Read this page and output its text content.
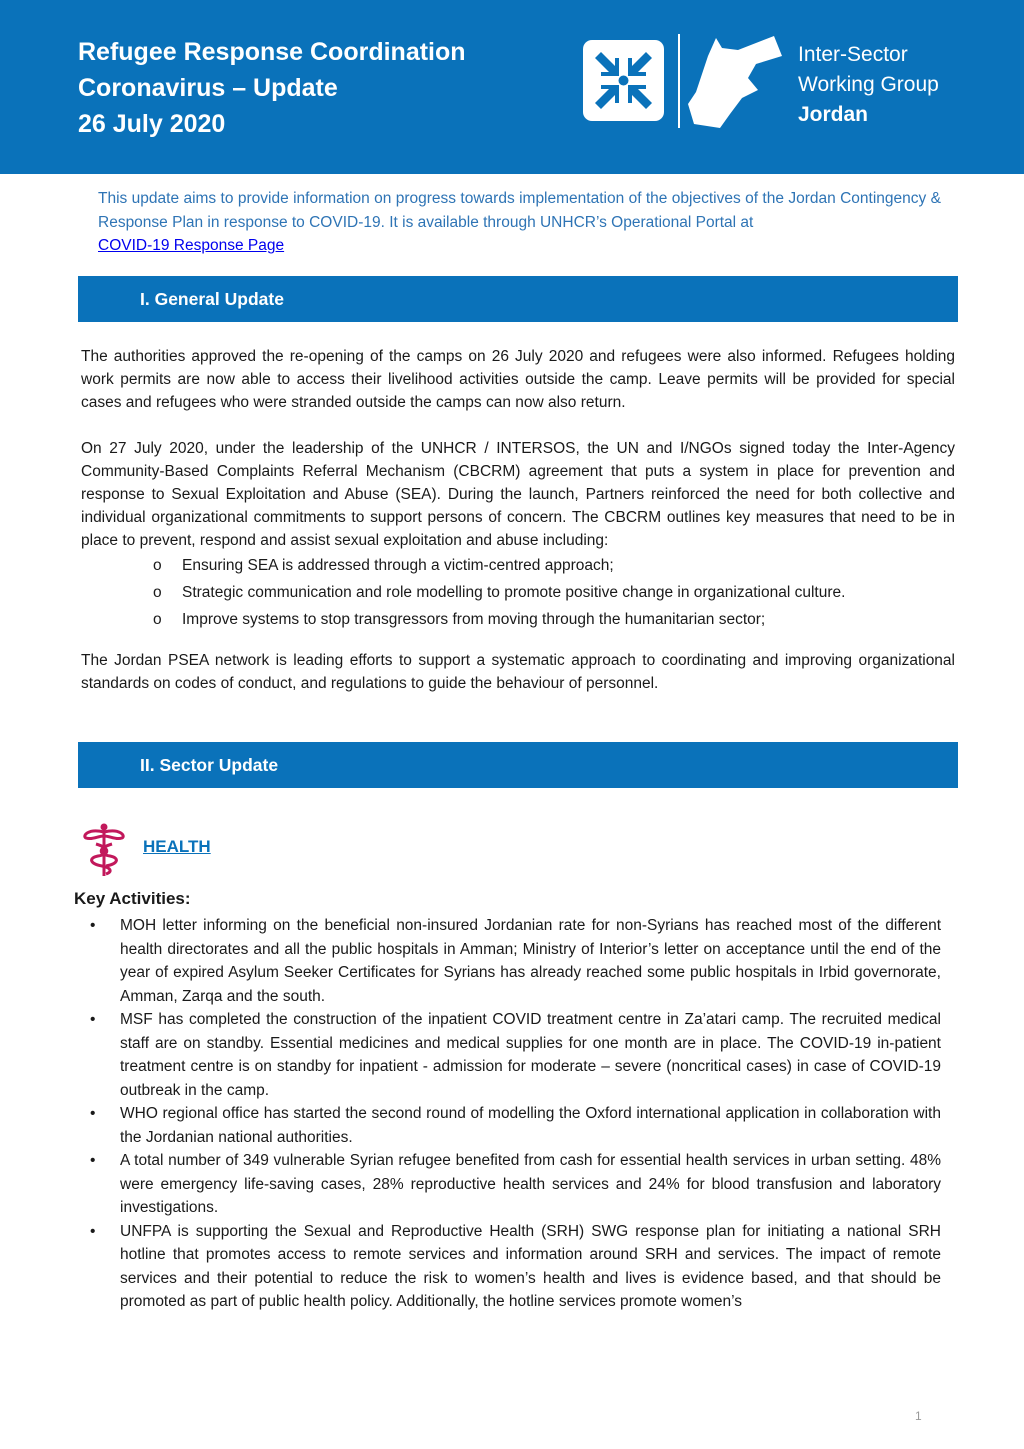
Refugee Response Coordination
Coronavirus – Update
26 July 2020
Inter-Sector
Working Group
Jordan
This update aims to provide information on progress towards implementation of the objectives of the Jordan Contingency & Response Plan in response to COVID-19. It is available through UNHCR’s Operational Portal at
COVID-19 Response Page
I. General Update

The authorities approved the re-opening of the camps on 26 July 2020 and refugees were also informed. Refugees holding work permits are now able to access their livelihood activities outside the camp. Leave permits will be provided for special cases and refugees who were stranded outside the camps can now also return.

On 27 July 2020, under the leadership of the UNHCR / INTERSOS, the UN and I/NGOs signed today the Inter-Agency Community-Based Complaints Referral Mechanism (CBCRM) agreement that puts a system in place for prevention and response to Sexual Exploitation and Abuse (SEA). During the launch, Partners reinforced the need for both collective and individual organizational commitments to support persons of concern. The CBCRM outlines key measures that need to be in place to prevent, respond and assist sexual exploitation and abuse including:

o Ensuring SEA is addressed through a victim-centred approach;
o Strategic communication and role modelling to promote positive change in organizational culture.
o Improve systems to stop transgressors from moving through the humanitarian sector;

The Jordan PSEA network is leading efforts to support a systematic approach to coordinating and improving organizational standards on codes of conduct, and regulations to guide the behaviour of personnel.

II. Sector Update
HEALTH
Key Activities:
• MOH letter informing on the beneficial non-insured Jordanian rate for non-Syrians has reached most of the different health directorates and all the public hospitals in Amman; Ministry of Interior’s letter on acceptance until the end of the year of expired Asylum Seeker Certificates for Syrians has already reached some public hospitals in Irbid governorate, Amman, Zarqa and the south.
• MSF has completed the construction of the inpatient COVID treatment centre in Za’atari camp. The recruited medical staff are on standby. Essential medicines and medical supplies for one month are in place. The COVID-19 in-patient treatment centre is on standby for inpatient - admission for moderate – severe (noncritical cases) in case of COVID-19 outbreak in the camp.
• WHO regional office has started the second round of modelling the Oxford international application in collaboration with the Jordanian national authorities.
• A total number of 349 vulnerable Syrian refugee benefited from cash for essential health services in urban setting. 48% were emergency life-saving cases, 28% reproductive health services and 24% for blood transfusion and laboratory investigations.
• UNFPA is supporting the Sexual and Reproductive Health (SRH) SWG response plan for initiating a national SRH hotline that promotes access to remote services and information around SRH and services. The impact of remote services and their potential to reduce the risk to women’s health and lives is evidence based, and that should be promoted as part of public health policy. Additionally, the hotline services promote women’s
1
